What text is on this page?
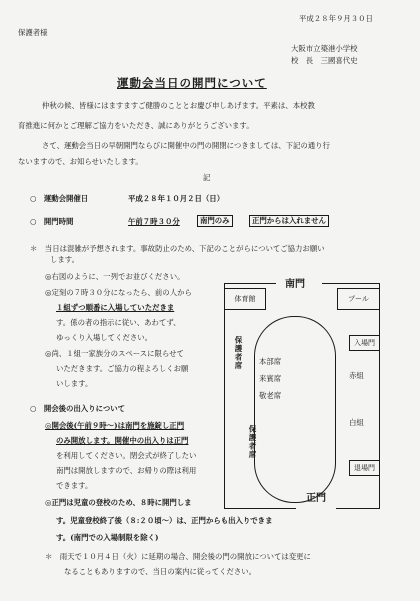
平成２８年９月３０日
保護者様
大阪市立築港小学校
校　長　三國喜代史
運動会当日の開門について
仲秋の候、皆様にはますますご健勝のこととお慶び申しあげます。平素は、本校教
育推進に何かとご理解ご協力をいただき、誠にありがとうございます。
さて、運動会当日の早朝開門ならびに開催中の門の開閉につきましては、下記の通り行
ないますので、お知らせいたします。
記
○　運動会開催日	平成２８年１０月２日（日）
○　開門時間	午前７時３０分	南門のみ	正門からは入れません
＊　当日は混雑が予想されます。事故防止のため、下記のことがらについてご協力お願い
します。
◎右図のように、一列でお並びください。
◎定刻の７時３０分になったら、前の人から
１組ずつ順番に入場していただきま
す。係の者の指示に従い、あわてず、
ゆっくり入場してください。
◎尚、１組一家族分のスペースに限らせて
いただきます。ご協力の程よろしくお願
いします。
○　開会後の出入りについて
◎開会後(午前９時〜)は南門を施錠し正門
のみ開放します。開催中の出入りは正門
を利用してください。閉会式が終了したい
南門は開放しますので、お帰りの際は利用
できます。
◎正門は児童の登校のため、８時に開門しま
す。児童登校終了後（８:２０頃〜）は、正門からも出入りできま
す。(南門での入場制限を除く)
＊　雨天で１０月４日（火）に延期の場合、開会後の門の開放については変更に
なることもありますので、当日の案内に従ってください。
南門
正門
体育館	プール
入場門
赤組
白組
退場門
保護者席
保護者席
本部席
来賓席
敬老席
